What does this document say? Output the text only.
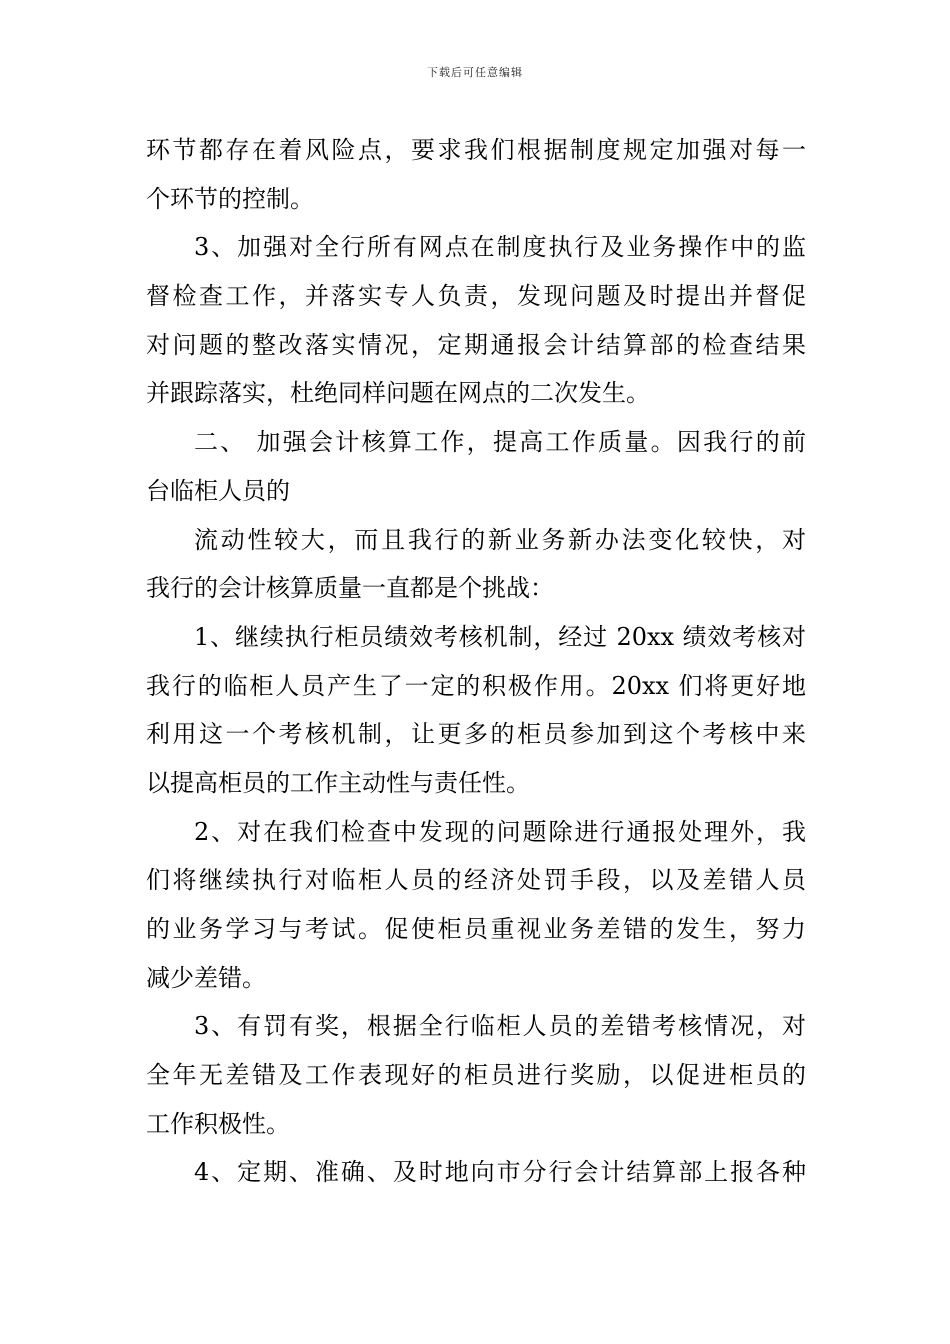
下载后可任意编辑
环节都存在着风险点，要求我们根据制度规定加强对每一
个环节的控制。
3、加强对全行所有网点在制度执行及业务操作中的监
督检查工作，并落实专人负责，发现问题及时提出并督促
对问题的整改落实情况，定期通报会计结算部的检查结果
并跟踪落实，杜绝同样问题在网点的二次发生。
二、 加强会计核算工作，提高工作质量。因我行的前
台临柜人员的
流动性较大，而且我行的新业务新办法变化较快，对
我行的会计核算质量一直都是个挑战：
1、继续执行柜员绩效考核机制，经过 20xx 绩效考核对
我行的临柜人员产生了一定的积极作用。20xx 们将更好地
利用这一个考核机制，让更多的柜员参加到这个考核中来
以提高柜员的工作主动性与责任性。
2、对在我们检查中发现的问题除进行通报处理外，我
们将继续执行对临柜人员的经济处罚手段，以及差错人员
的业务学习与考试。促使柜员重视业务差错的发生，努力
减少差错。
3、有罚有奖，根据全行临柜人员的差错考核情况，对
全年无差错及工作表现好的柜员进行奖励，以促进柜员的
工作积极性。
4、定期、准确、及时地向市分行会计结算部上报各种
